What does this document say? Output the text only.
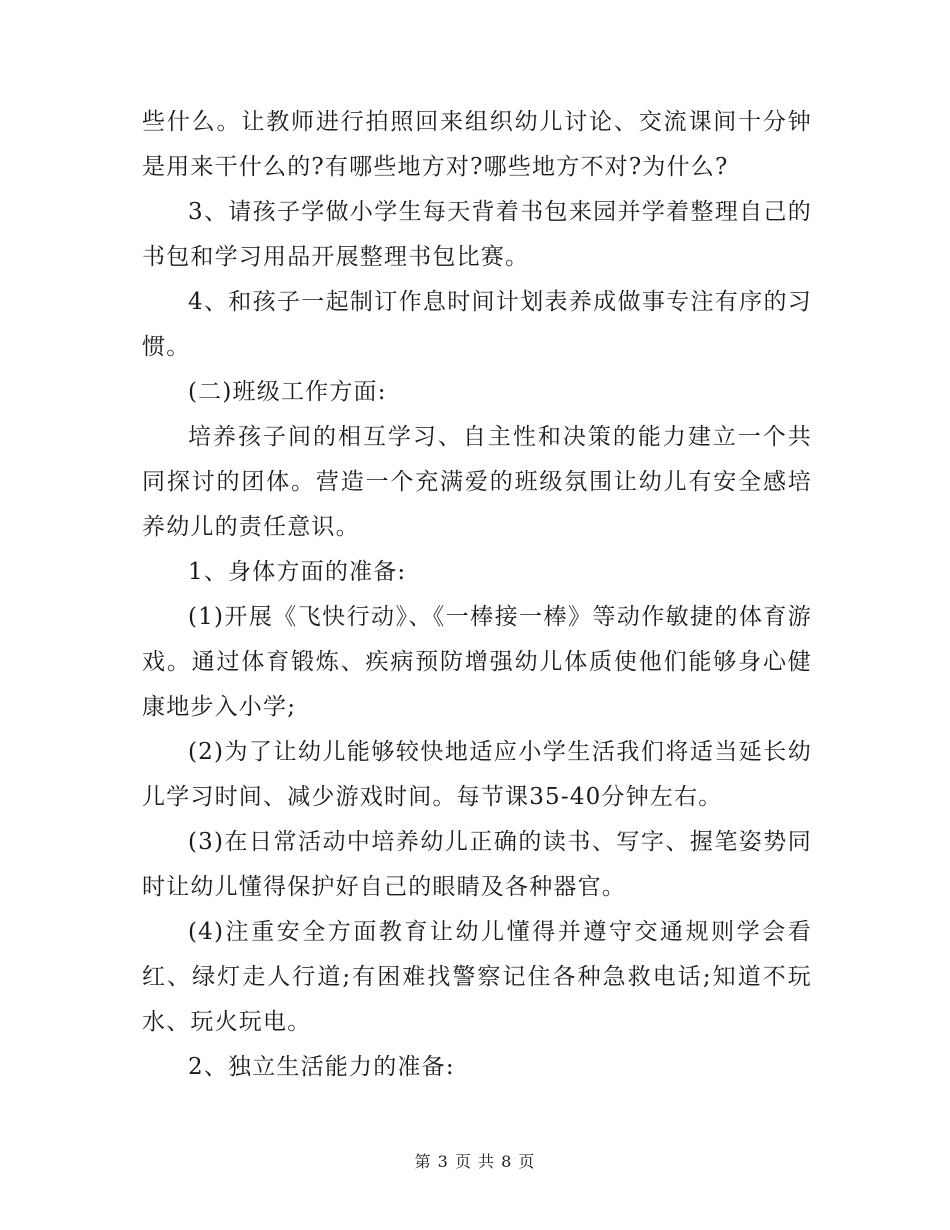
些什么。让教师进行拍照回来组织幼儿讨论、交流课间十分钟是用来干什么的?有哪些地方对?哪些地方不对?为什么?

3、请孩子学做小学生每天背着书包来园并学着整理自己的书包和学习用品开展整理书包比赛。

4、和孩子一起制订作息时间计划表养成做事专注有序的习惯。

(二)班级工作方面:

培养孩子间的相互学习、自主性和决策的能力建立一个共同探讨的团体。营造一个充满爱的班级氛围让幼儿有安全感培养幼儿的责任意识。

1、身体方面的准备:

(1)开展《飞快行动》、《一棒接一棒》等动作敏捷的体育游戏。通过体育锻炼、疾病预防增强幼儿体质使他们能够身心健康地步入小学;

(2)为了让幼儿能够较快地适应小学生活我们将适当延长幼儿学习时间、减少游戏时间。每节课35-40分钟左右。

(3)在日常活动中培养幼儿正确的读书、写字、握笔姿势同时让幼儿懂得保护好自己的眼睛及各种器官。

(4)注重安全方面教育让幼儿懂得并遵守交通规则学会看红、绿灯走人行道;有困难找警察记住各种急救电话;知道不玩水、玩火玩电。

2、独立生活能力的准备:

第 3 页 共 8 页
